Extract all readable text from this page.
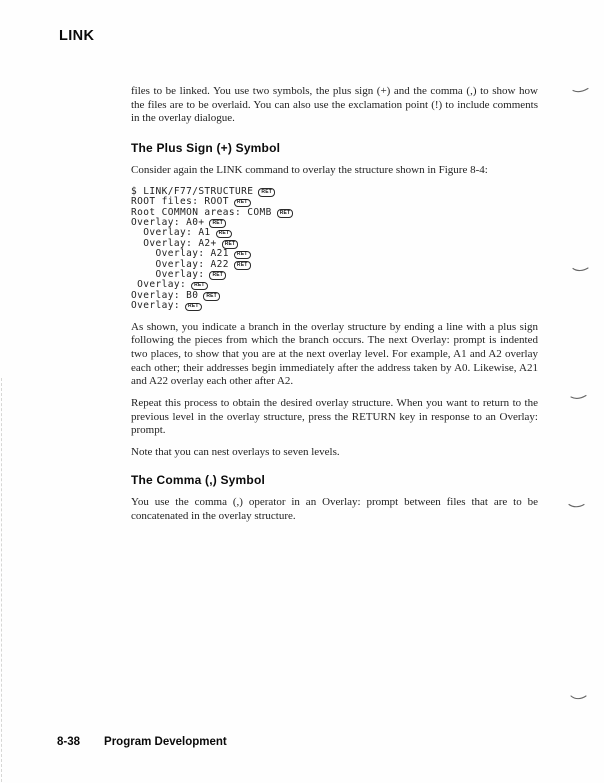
LINK

files to be linked. You use two symbols, the plus sign (+) and the comma (,) to show how the files are to be overlaid. You can also use the exclamation point (!) to include comments in the overlay dialogue.

The Plus Sign (+) Symbol

Consider again the LINK command to overlay the structure shown in Figure 8-4:

$ LINK/F77/STRUCTURE RET
ROOT files: ROOT RET
Root COMMON areas: COMB RET
Overlay: A0+ RET
Overlay: A1 RET
Overlay: A2+ RET
Overlay: A21 RET
Overlay: A22 RET
Overlay: RET
Overlay: RET
Overlay: B0 RET
Overlay: RET

As shown, you indicate a branch in the overlay structure by ending a line with a plus sign following the pieces from which the branch occurs. The next Overlay: prompt is indented two places, to show that you are at the next overlay level. For example, A1 and A2 overlay each other; their addresses begin immediately after the address taken by A0. Likewise, A21 and A22 overlay each other after A2.

Repeat this process to obtain the desired overlay structure. When you want to return to the previous level in the overlay structure, press the RETURN key in response to an Overlay: prompt.

Note that you can nest overlays to seven levels.

The Comma (,) Symbol

You use the comma (,) operator in an Overlay: prompt between files that are to be concatenated in the overlay structure.

8-38 Program Development
